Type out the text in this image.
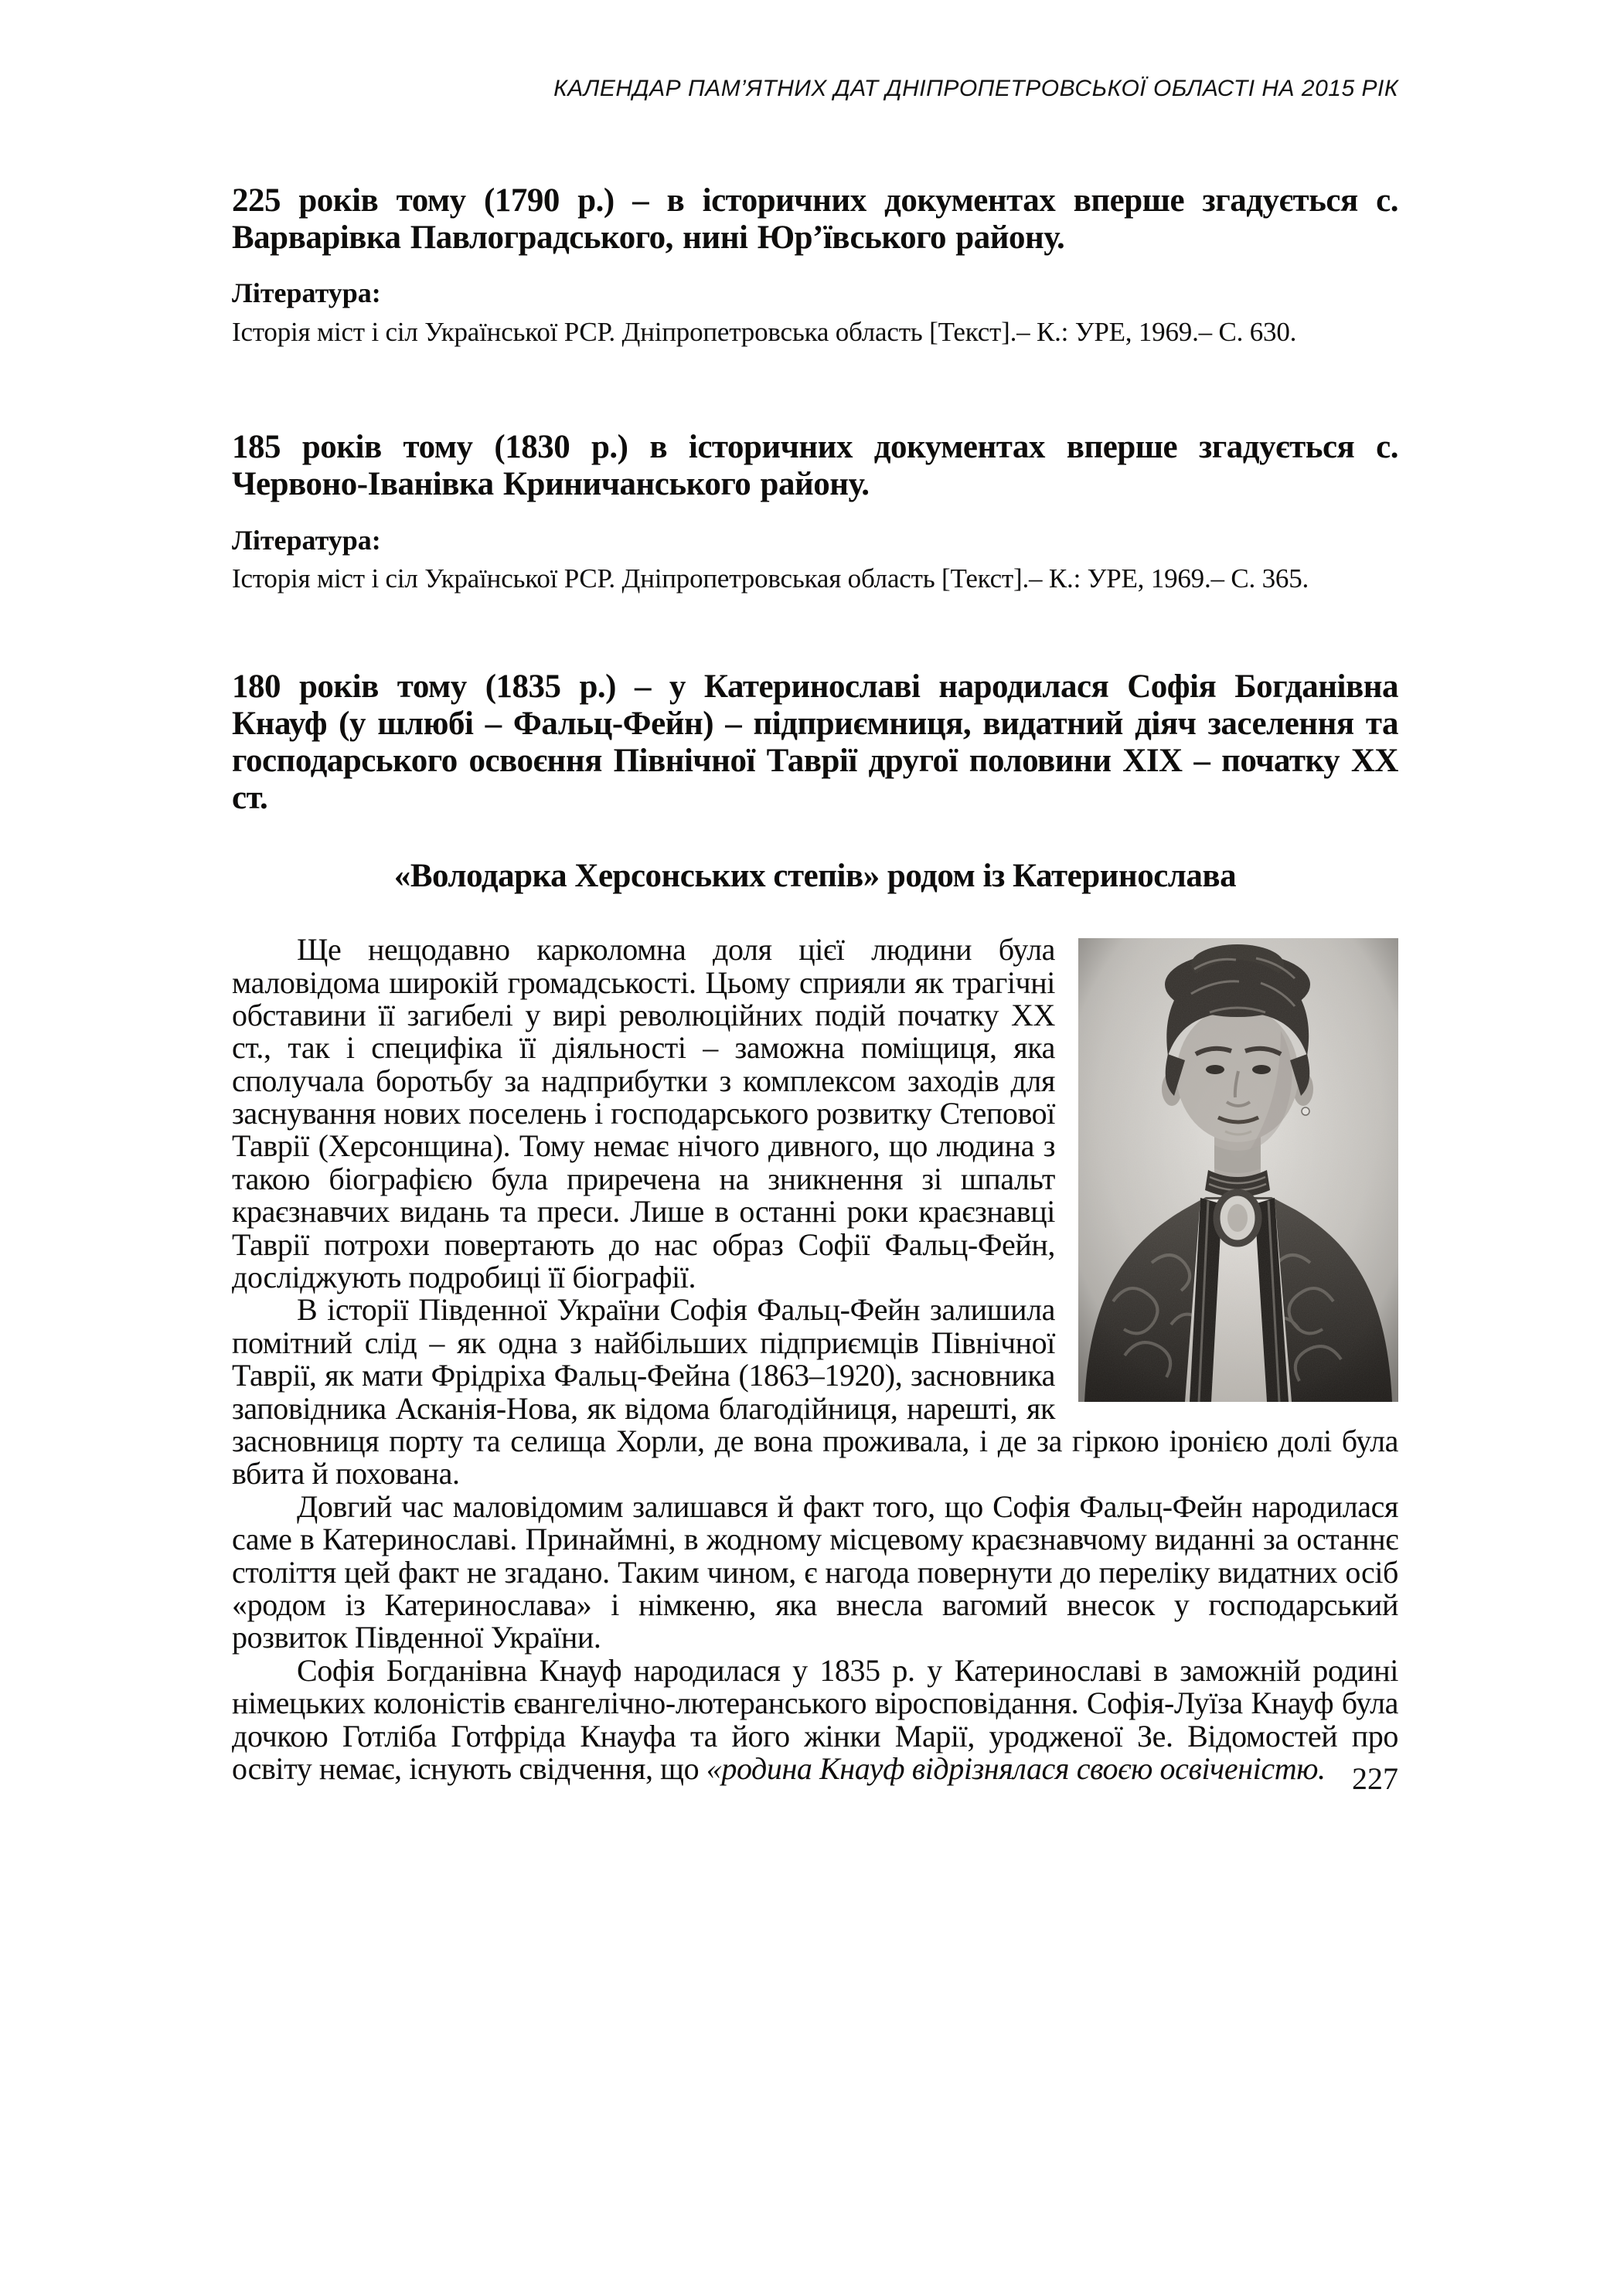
КАЛЕНДАР ПАМ’ЯТНИХ ДАТ ДНІПРОПЕТРОВСЬКОЇ ОБЛАСТІ НА 2015 РІК

225 років тому (1790 р.) – в історичних документах вперше згадується с. Варварівка Павлоградського, нині Юр’ївського району.

Література:

Історія міст і сіл Української РСР. Дніпропетровська область [Текст].– К.: УРЕ, 1969.– С. 630.

185 років тому (1830 р.) в історичних документах вперше згадується с. Червоно-Іванівка Криничанського району.

Література:

Історія міст і сіл Української РСР. Дніпропетровськая область [Текст].– К.: УРЕ, 1969.– С. 365.

180 років тому (1835 р.) – у Катеринославі народилася Софія Богданівна Кнауф (у шлюбі – Фальц-Фейн) – підприємниця, видатний діяч заселення та господарського освоєння Північної Таврії другої половини XIX – початку XX ст.

«Володарка Херсонських степів» родом із Катеринослава

Ще нещодавно карколомна доля цієї людини була маловідома широкій громадськості. Цьому сприяли як трагічні обставини її загибелі у вирі революційних подій початку XX ст., так і специфіка її діяльності – заможна поміщиця, яка сполучала боротьбу за надприбутки з комплексом заходів для заснування нових поселень і господарського розвитку Степової Таврії (Херсонщина). Тому немає нічого дивного, що людина з такою біографією була приречена на зникнення зі шпальт краєзнавчих видань та преси. Лише в останні роки краєзнавці Таврії потрохи повертають до нас образ Софії Фальц-Фейн, досліджують подробиці її біографії.

В історії Південної України Софія Фальц-Фейн залишила помітний слід – як одна з найбільших підприємців Північної Таврії, як мати Фрідріха Фальц-Фейна (1863–1920), засновника заповідника Асканія-Нова, як відома благодійниця, нарешті, як засновниця порту та селища Хорли, де вона проживала, і де за гіркою іронією долі була вбита й похована.

Довгий час маловідомим залишався й факт того, що Софія Фальц-Фейн народилася саме в Катеринославі. Принаймні, в жодному місцевому краєзнавчому виданні за останнє століття цей факт не згадано. Таким чином, є нагода повернути до переліку видатних осіб «родом із Катеринослава» і німкеню, яка внесла вагомий внесок у господарський розвиток Південної України.

Софія Богданівна Кнауф народилася у 1835 р. у Катеринославі в заможній родині німецьких колоністів євангелічно-лютеранського віросповідання. Софія-Луїза Кнауф була дочкою Готліба Готфріда Кнауфа та його жінки Марії, уродженої Зе. Відомостей про освіту немає, існують свідчення, що «родина Кнауф відрізнялася своєю освіченістю. 227
